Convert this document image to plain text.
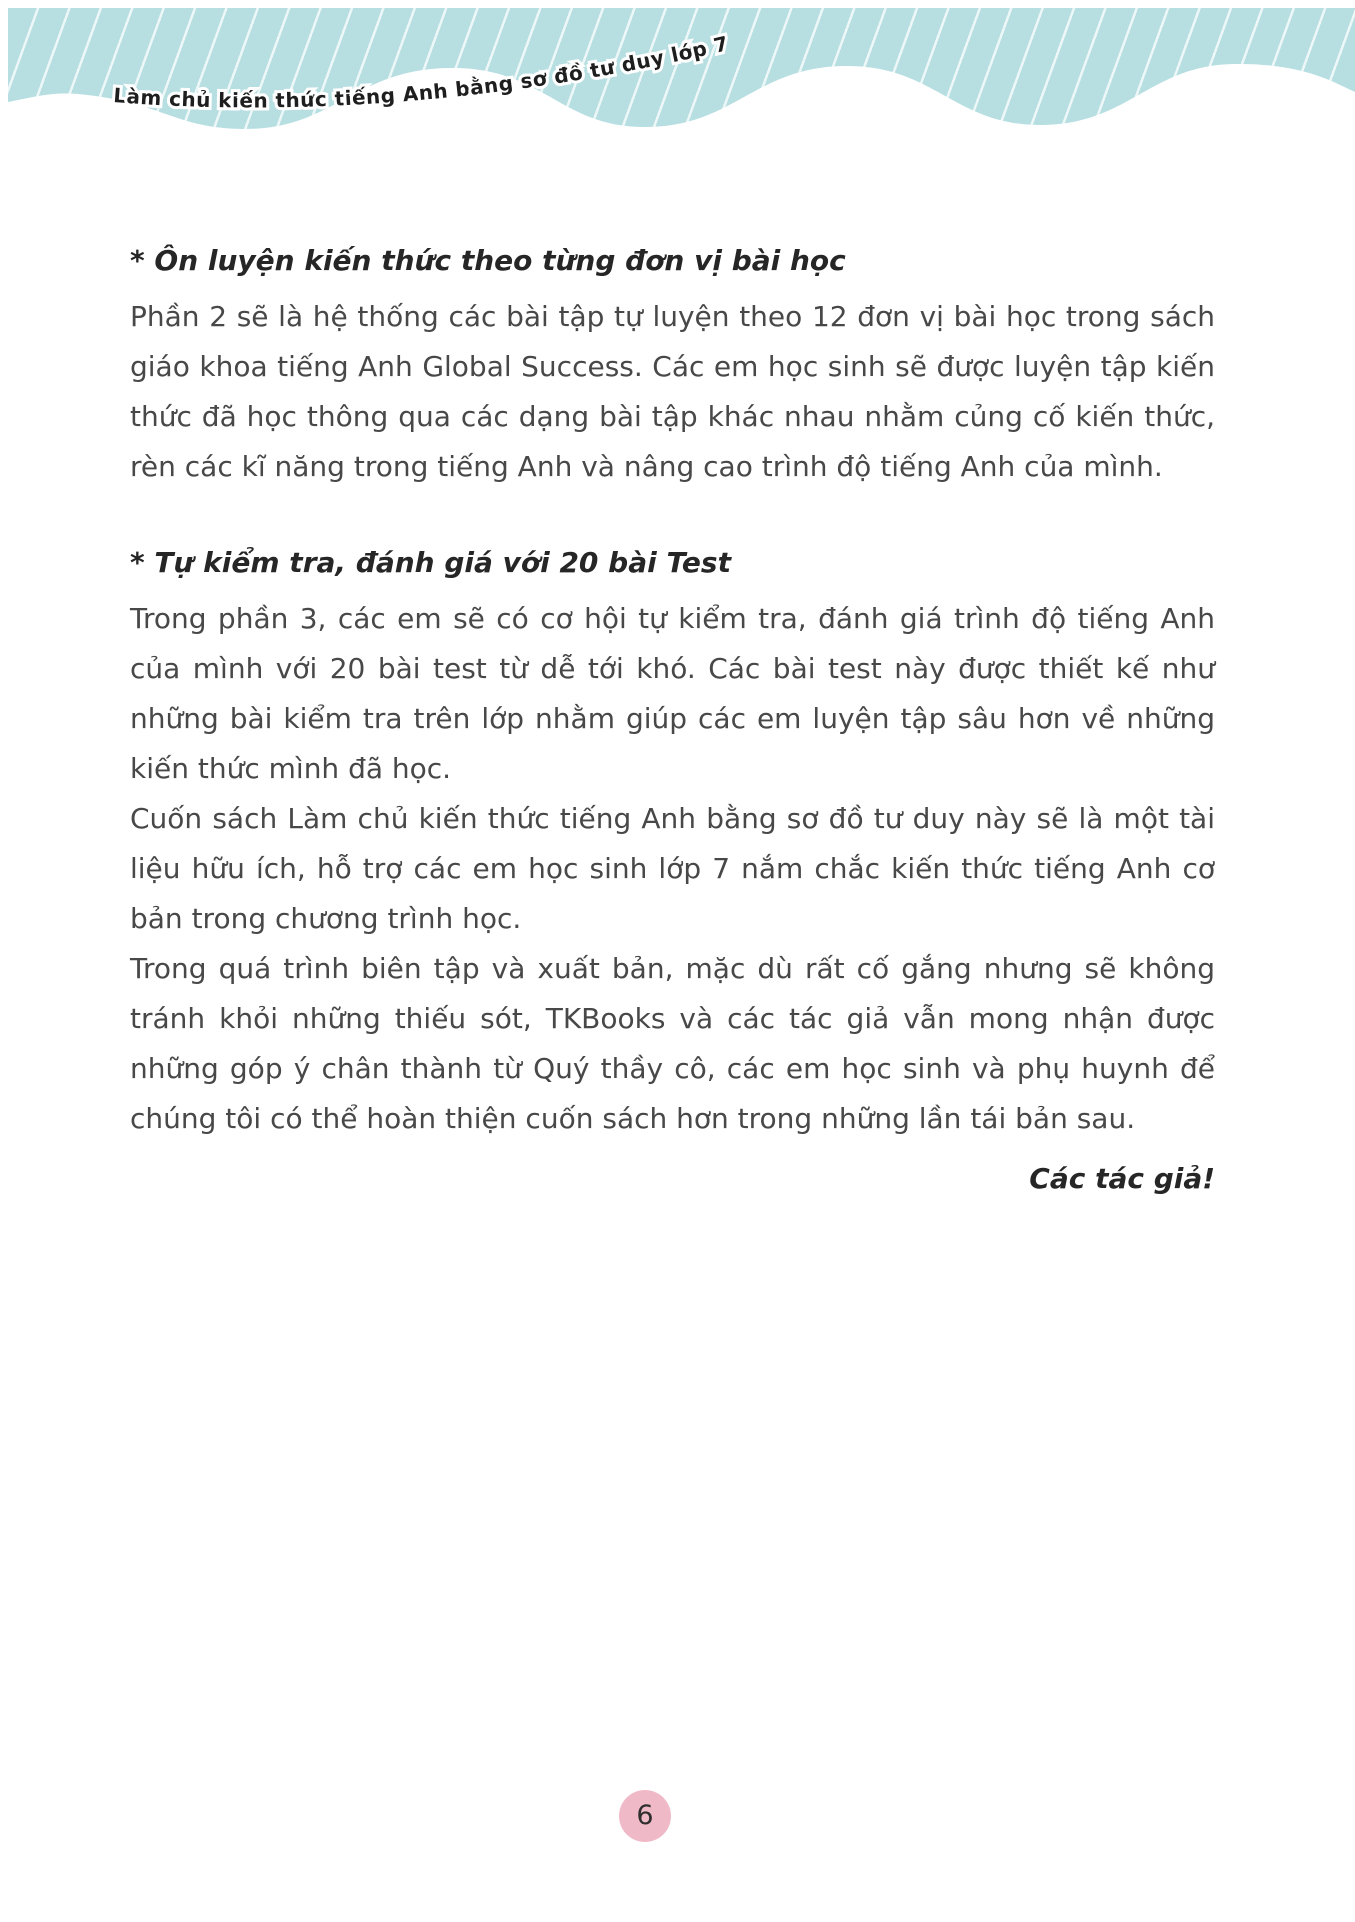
Làm chủ kiến thức tiếng Anh bằng sơ đồ tư duy lớp 7
* Ôn luyện kiến thức theo từng đơn vị bài học

Phần 2 sẽ là hệ thống các bài tập tự luyện theo 12 đơn vị bài học trong sách giáo khoa tiếng Anh Global Success. Các em học sinh sẽ được luyện tập kiến thức đã học thông qua các dạng bài tập khác nhau nhằm củng cố kiến thức, rèn các kĩ năng trong tiếng Anh và nâng cao trình độ tiếng Anh của mình.

* Tự kiểm tra, đánh giá với 20 bài Test

Trong phần 3, các em sẽ có cơ hội tự kiểm tra, đánh giá trình độ tiếng Anh của mình với 20 bài test từ dễ tới khó. Các bài test này được thiết kế như những bài kiểm tra trên lớp nhằm giúp các em luyện tập sâu hơn về những kiến thức mình đã học.

Cuốn sách Làm chủ kiến thức tiếng Anh bằng sơ đồ tư duy này sẽ là một tài liệu hữu ích, hỗ trợ các em học sinh lớp 7 nắm chắc kiến thức tiếng Anh cơ bản trong chương trình học.

Trong quá trình biên tập và xuất bản, mặc dù rất cố gắng nhưng sẽ không tránh khỏi những thiếu sót, TKBooks và các tác giả vẫn mong nhận được những góp ý chân thành từ Quý thầy cô, các em học sinh và phụ huynh để chúng tôi có thể hoàn thiện cuốn sách hơn trong những lần tái bản sau.

Các tác giả!
6
